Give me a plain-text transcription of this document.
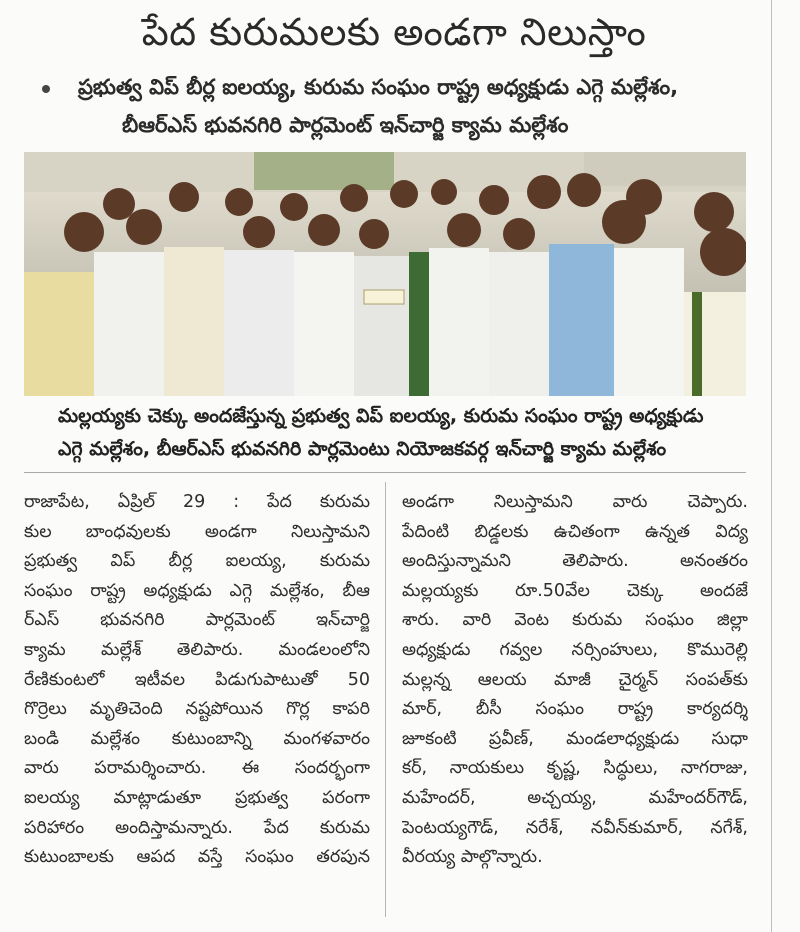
పేద కురుమలకు అండగా నిలుస్తాం
ప్రభుత్వ విప్ బీర్ల ఐలయ్య, కురుమ సంఘం రాష్ట్ర అధ్యక్షుడు ఎగ్గె మల్లేశం,
బీఆర్ఎస్ భువనగిరి పార్లమెంట్ ఇన్‌చార్జి క్యామ మల్లేశం
మల్లయ్యకు చెక్కు అందజేస్తున్న ప్రభుత్వ విప్ ఐలయ్య, కురుమ సంఘం రాష్ట్ర అధ్యక్షుడు
ఎగ్గె మల్లేశం, బీఆర్ఎస్ భువనగిరి పార్లమెంటు నియోజకవర్గ ఇన్‌చార్జి క్యామ మల్లేశం
రాజాపేట, ఏప్రిల్ 29 : పేద కురుమ
కుల బాంధవులకు అండగా నిలుస్తామని
ప్రభుత్వ విప్ బీర్ల ఐలయ్య, కురుమ
సంఘం రాష్ట్ర అధ్యక్షుడు ఎగ్గె మల్లేశం, బీఆ
ర్ఎస్ భువనగిరి పార్లమెంట్ ఇన్‌చార్జి
క్యామ మల్లేశ్ తెలిపారు. మండలంలోని
రేణికుంటలో ఇటీవల పిడుగుపాటుతో 50
గొర్రెలు మృతిచెంది నష్టపోయిన గొర్ల కాపరి
బండి మల్లేశం కుటుంబాన్ని మంగళవారం
వారు పరామర్శించారు. ఈ సందర్భంగా
ఐలయ్య మాట్లాడుతూ ప్రభుత్వ పరంగా
పరిహారం అందిస్తామన్నారు. పేద కురుమ
కుటుంబాలకు ఆపద వస్తే సంఘం తరపున
అండగా నిలుస్తామని వారు చెప్పారు.
పేదింటి బిడ్డలకు ఉచితంగా ఉన్నత విద్య
అందిస్తున్నామని తెలిపారు. అనంతరం
మల్లయ్యకు రూ.50వేల చెక్కు అందజే
శారు. వారి వెంట కురుమ సంఘం జిల్లా
అధ్యక్షుడు గవ్వల నర్సింహులు, కొమురెల్లి
మల్లన్న ఆలయ మాజీ చైర్మన్ సంపత్‌కు
మార్, బీసీ సంఘం రాష్ట్ర కార్యదర్శి
జూకంటి ప్రవీణ్, మండలాధ్యక్షుడు సుధా
కర్, నాయకులు కృష్ణ, సిద్ధులు, నాగరాజు,
మహేందర్, అచ్చయ్య, మహేందర్‌గౌడ్,
పెంటయ్యగౌడ్, నరేశ్, నవీన్‌కుమార్, నగేశ్,
వీరయ్య పాల్గొన్నారు.
